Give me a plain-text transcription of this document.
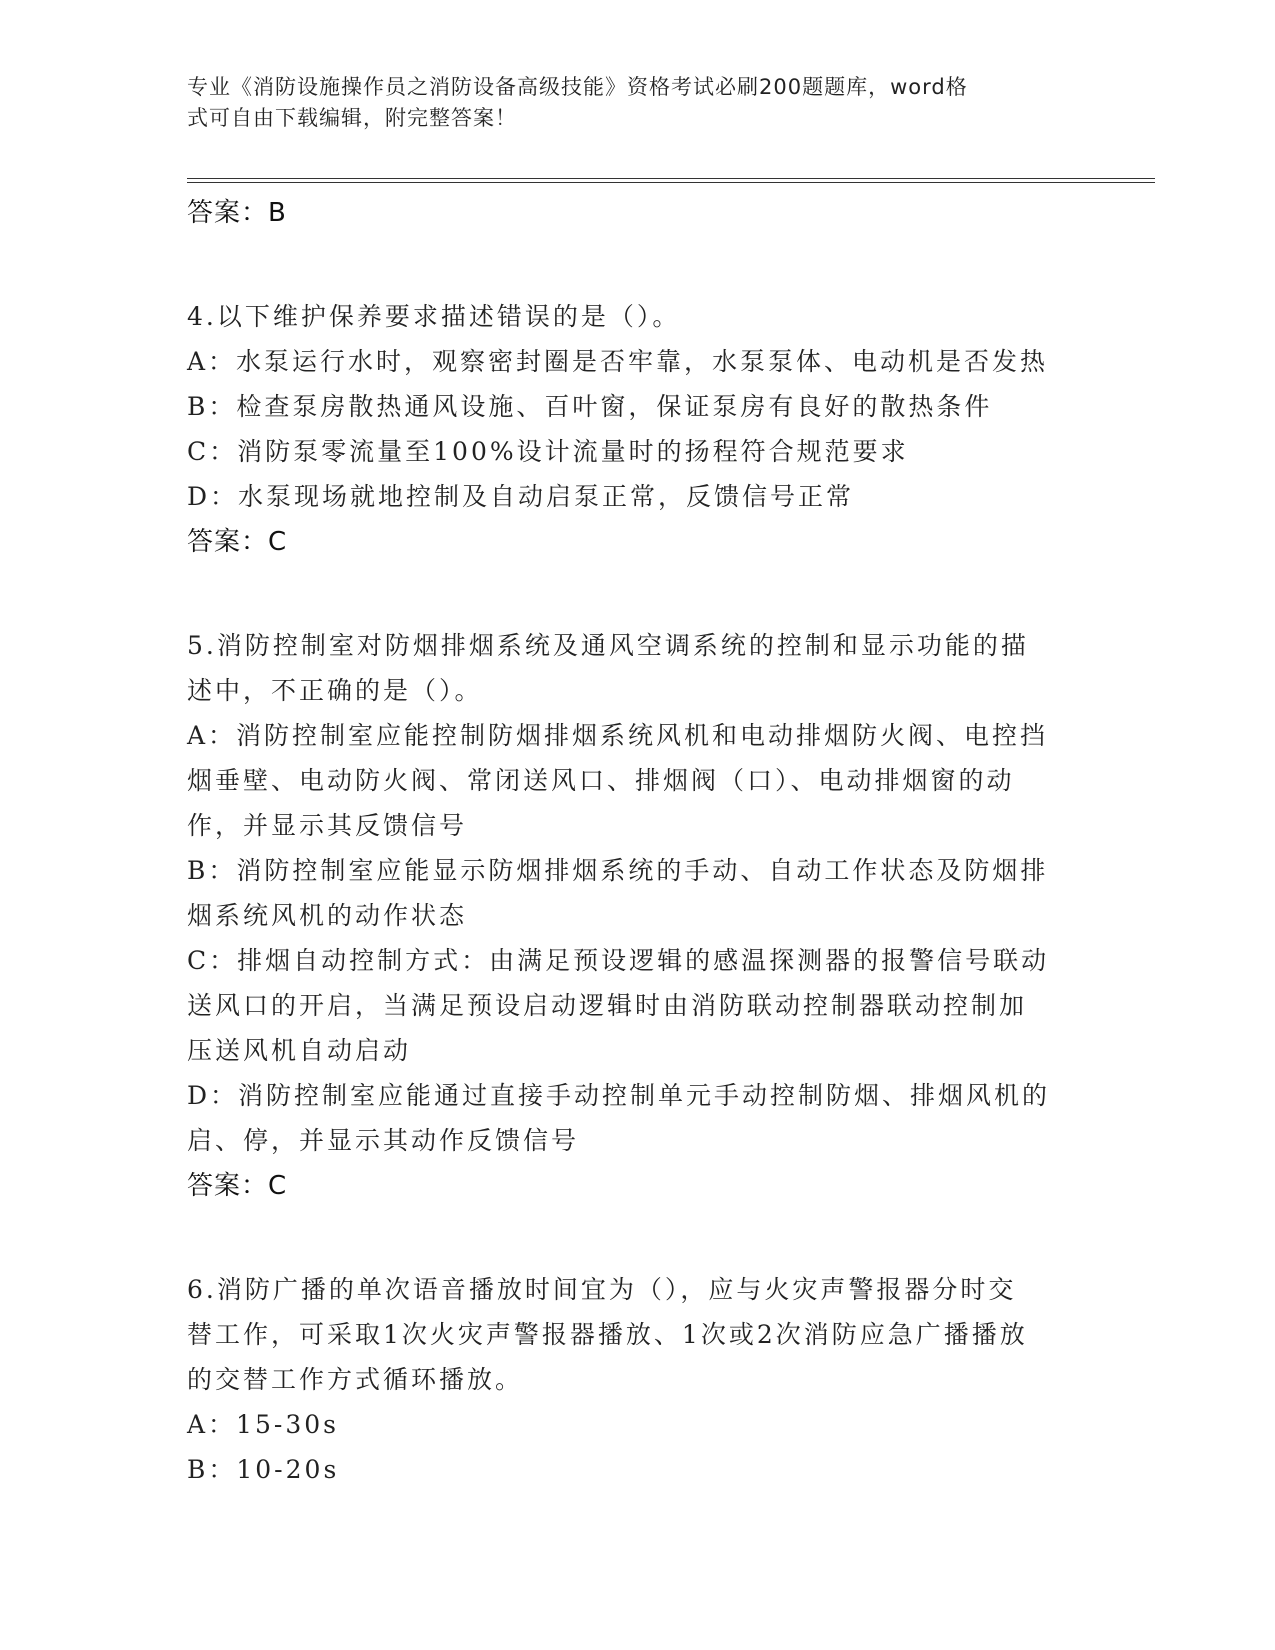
专业《消防设施操作员之消防设备高级技能》资格考试必刷200题题库，word格
式可自由下载编辑，附完整答案！
答案：B
4.以下维护保养要求描述错误的是（）。
A：水泵运行水时，观察密封圈是否牢靠，水泵泵体、电动机是否发热
B：检查泵房散热通风设施、百叶窗，保证泵房有良好的散热条件
C：消防泵零流量至100%设计流量时的扬程符合规范要求
D：水泵现场就地控制及自动启泵正常，反馈信号正常
答案：C
5.消防控制室对防烟排烟系统及通风空调系统的控制和显示功能的描
述中，不正确的是（）。
A：消防控制室应能控制防烟排烟系统风机和电动排烟防火阀、电控挡
烟垂壁、电动防火阀、常闭送风口、排烟阀（口）、电动排烟窗的动
作，并显示其反馈信号
B：消防控制室应能显示防烟排烟系统的手动、自动工作状态及防烟排
烟系统风机的动作状态
C：排烟自动控制方式：由满足预设逻辑的感温探测器的报警信号联动
送风口的开启，当满足预设启动逻辑时由消防联动控制器联动控制加
压送风机自动启动
D：消防控制室应能通过直接手动控制单元手动控制防烟、排烟风机的
启、停，并显示其动作反馈信号
答案：C
6.消防广播的单次语音播放时间宜为（），应与火灾声警报器分时交
替工作，可采取1次火灾声警报器播放、1次或2次消防应急广播播放
的交替工作方式循环播放。
A：15-30s
B：10-20s
